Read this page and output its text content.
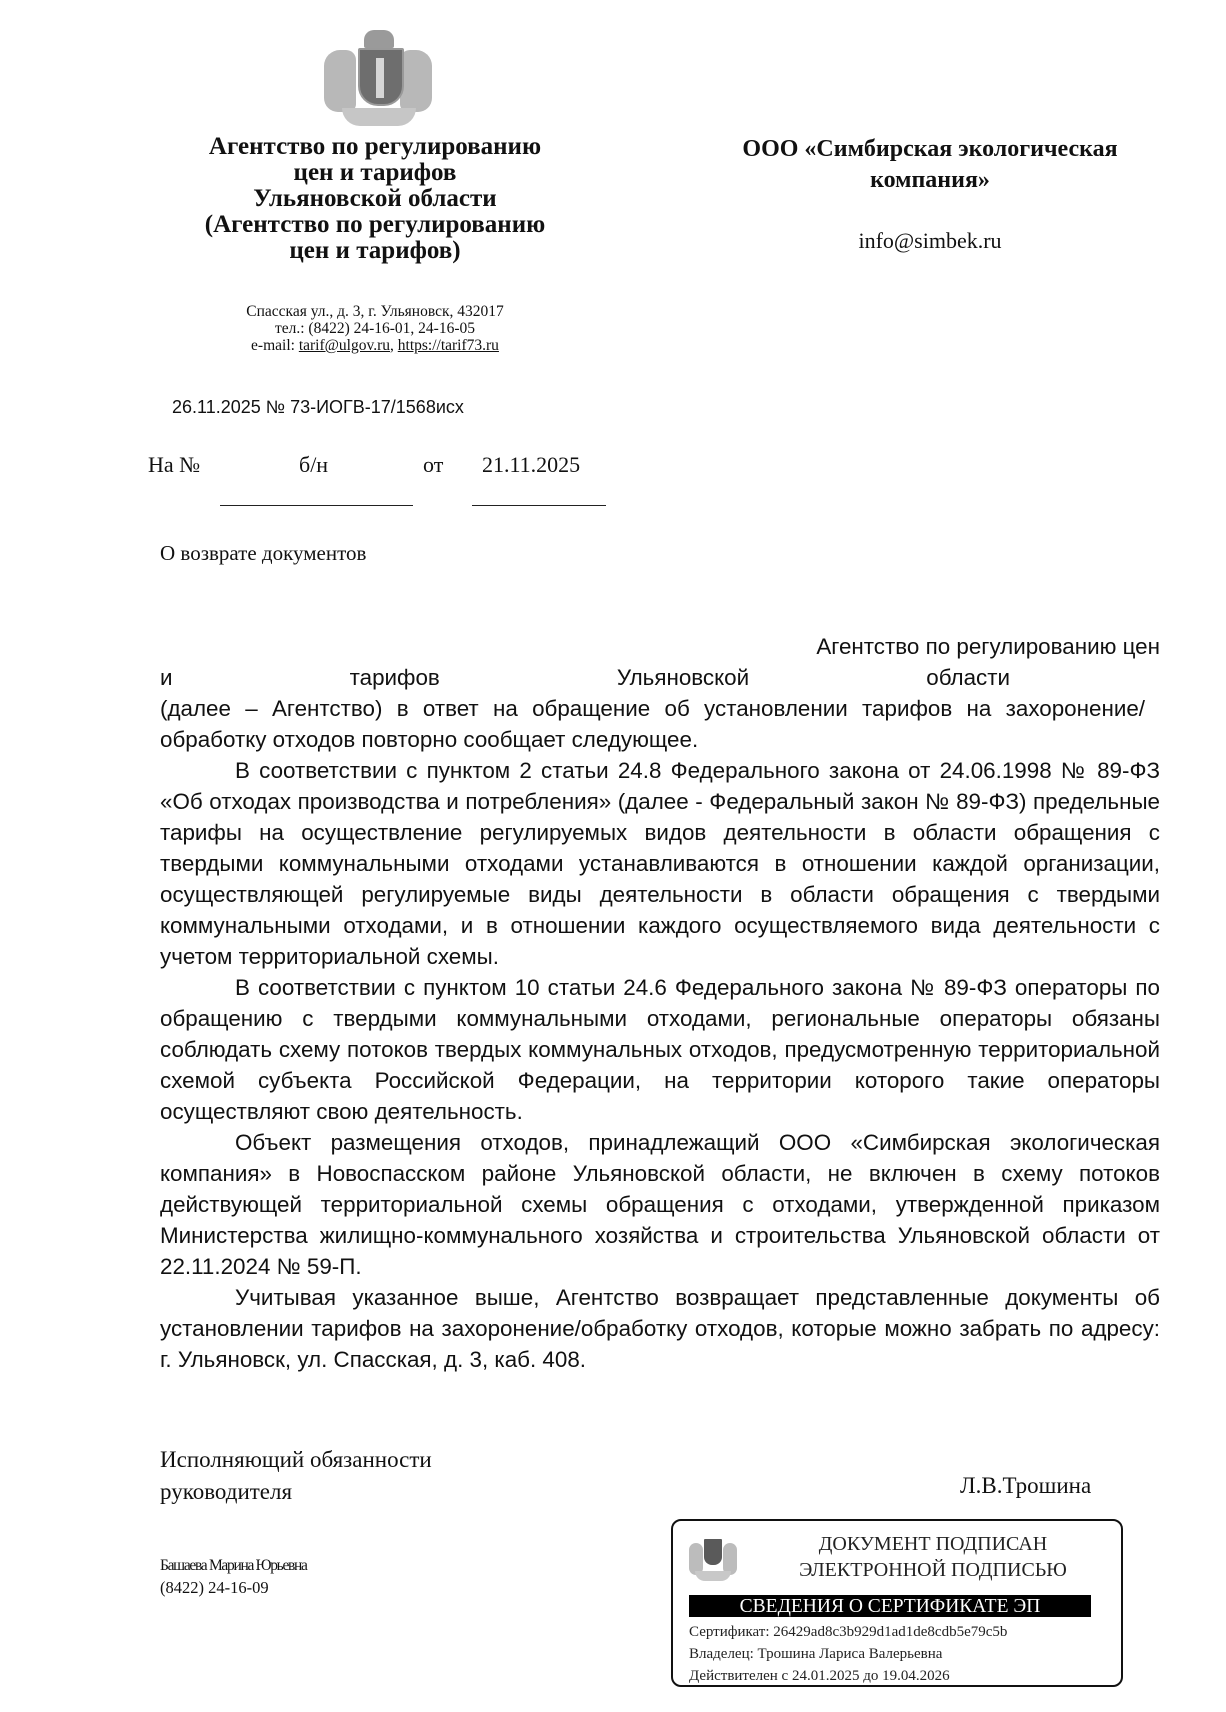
Агентство по регулированию
цен и тарифов
Ульяновской области
(Агентство по регулированию
цен и тарифов)
Спасская ул., д. 3, г. Ульяновск, 432017
тел.: (8422) 24-16-01, 24-16-05
e-mail: tarif@ulgov.ru, https://tarif73.ru
26.11.2025 № 73-ИОГВ-17/1568исх
На №	б/н	от 21.11.2025
ООО «Симбирская экологическая
компания»
info@simbek.ru
О возврате документов

Агентство по регулированию цен

и тарифов Ульяновской области

(далее – Агентство) в ответ на обращение об установлении тарифов на захоронение/обработку отходов повторно сообщает следующее.

В соответствии с пунктом 2 статьи 24.8 Федерального закона от 24.06.1998 № 89-ФЗ «Об отходах производства и потребления» (далее - Федеральный закон № 89-ФЗ) предельные тарифы на осуществление регулируемых видов деятельности в области обращения с твердыми коммунальными отходами устанавливаются в отношении каждой организации, осуществляющей регулируемые виды деятельности в области обращения с твердыми коммунальными отходами, и в отношении каждого осуществляемого вида деятельности с учетом территориальной схемы.

В соответствии с пунктом 10 статьи 24.6 Федерального закона № 89-ФЗ операторы по обращению с твердыми коммунальными отходами, региональные операторы обязаны соблюдать схему потоков твердых коммунальных отходов, предусмотренную территориальной схемой субъекта Российской Федерации, на территории которого такие операторы осуществляют свою деятельность.

Объект размещения отходов, принадлежащий ООО «Симбирская экологическая компания» в Новоспасском районе Ульяновской области, не включен в схему потоков действующей территориальной схемы обращения с отходами, утвержденной приказом Министерства жилищно-коммунального хозяйства и строительства Ульяновской области от 22.11.2024 № 59-П.

Учитывая указанное выше, Агентство возвращает представленные документы об установлении тарифов на захоронение/обработку отходов, которые можно забрать по адресу: г. Ульяновск, ул. Спасская, д. 3, каб. 408.

Исполняющий обязанности
руководителя	Л.В.Трошина
Башаева Марина Юрьевна
(8422) 24-16-09
ДОКУМЕНТ ПОДПИСАН
ЭЛЕКТРОННОЙ ПОДПИСЬЮ
СВЕДЕНИЯ О СЕРТИФИКАТЕ ЭП
Сертификат: 26429ad8c3b929d1ad1de8cdb5e79c5b
Владелец: Трошина Лариса Валерьевна
Действителен с 24.01.2025 до 19.04.2026
